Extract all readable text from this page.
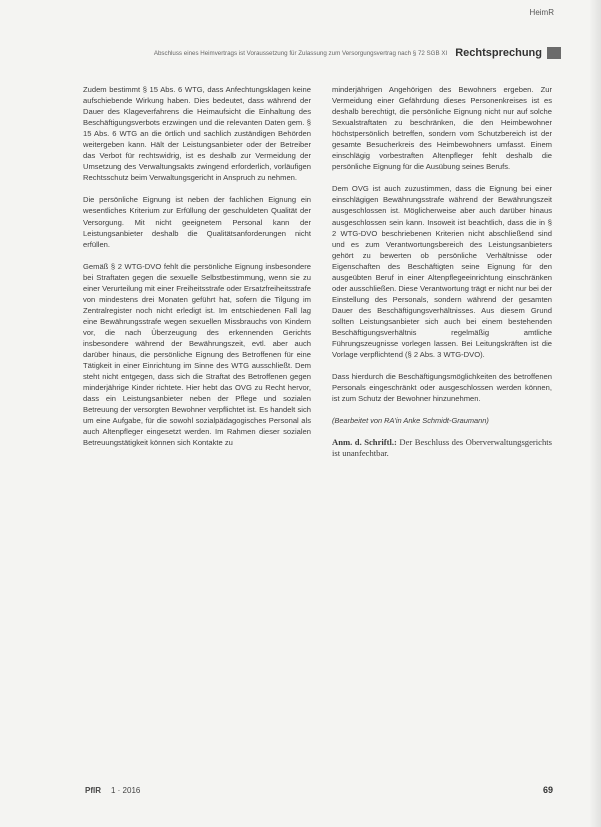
HeimR
Abschluss eines Heimvertrags ist Voraussetzung für Zulassung zum Versorgungsvertrag nach § 72 SGB XI Rechtsprechung

Zudem bestimmt § 15 Abs. 6 WTG, dass Anfechtungsklagen keine aufschiebende Wirkung haben. Dies bedeutet, dass während der Dauer des Klageverfahrens die Heimaufsicht die Einhaltung des Beschäftigungsverbots erzwingen und die relevanten Daten gem. § 15 Abs. 6 WTG an die örtlich und sachlich zuständigen Behörden weitergeben kann. Hält der Leistungsanbieter oder der Betreiber das Verbot für rechtswidrig, ist es deshalb zur Vermeidung der Umsetzung des Verwaltungsakts zwingend erforderlich, vorläufigen Rechtsschutz beim Verwaltungsgericht in Anspruch zu nehmen.

Die persönliche Eignung ist neben der fachlichen Eignung ein wesentliches Kriterium zur Erfüllung der geschuldeten Qualität der Versorgung. Mit nicht geeignetem Personal kann der Leistungsanbieter deshalb die Qualitätsanforderungen nicht erfüllen.

Gemäß § 2 WTG-DVO fehlt die persönliche Eignung insbesondere bei Straftaten gegen die sexuelle Selbstbestimmung, wenn sie zu einer Verurteilung mit einer Freiheitsstrafe oder Ersatzfreiheitsstrafe von mindestens drei Monaten geführt hat, sofern die Tilgung im Zentralregister noch nicht erledigt ist. Im entschiedenen Fall lag eine Bewährungsstrafe wegen sexuellen Missbrauchs von Kindern vor, die nach Überzeugung des erkennenden Gerichts insbesondere während der Bewährungszeit, evtl. aber auch darüber hinaus, die persönliche Eignung des Betroffenen für eine Tätigkeit in einer Einrichtung im Sinne des WTG ausschließt. Dem steht nicht entgegen, dass sich die Straftat des Betroffenen gegen minderjährige Kinder richtete. Hier hebt das OVG zu Recht hervor, dass ein Leistungsanbieter neben der Pflege und sozialen Betreuung der versorgten Bewohner verpflichtet ist. Es handelt sich um eine Aufgabe, für die sowohl sozialpädagogisches Personal als auch Altenpfleger eingesetzt werden. Im Rahmen dieser sozialen Betreuungstätigkeit können sich Kontakte zu

minderjährigen Angehörigen des Bewohners ergeben. Zur Vermeidung einer Gefährdung dieses Personenkreises ist es deshalb berechtigt, die persönliche Eignung nicht nur auf solche Sexualstraftaten zu beschränken, die den Heimbewohner höchstpersönlich betreffen, sondern vom Schutzbereich ist der gesamte Besucherkreis des Heimbewohners umfasst. Einem einschlägig vorbestraften Altenpfleger fehlt deshalb die persönliche Eignung für die Ausübung seines Berufs.

Dem OVG ist auch zuzustimmen, dass die Eignung bei einer einschlägigen Bewährungsstrafe während der Bewährungszeit ausgeschlossen ist. Möglicherweise aber auch darüber hinaus ausgeschlossen sein kann. Insoweit ist beachtlich, dass die in § 2 WTG-DVO beschriebenen Kriterien nicht abschließend sind und es zum Verantwortungsbereich des Leistungsanbieters gehört zu bewerten ob persönliche Verhältnisse oder Eigenschaften des Beschäftigten seine Eignung für den ausgeübten Beruf in einer Altenpflegeeinrichtung einschränken oder ausschließen. Diese Verantwortung trägt er nicht nur bei der Einstellung des Personals, sondern während der gesamten Dauer des Beschäftigungsverhältnisses. Aus diesem Grund sollten Leistungsanbieter sich auch bei einem bestehenden Beschäftigungsverhältnis regelmäßig amtliche Führungszeugnisse vorlegen lassen. Bei Leitungskräften ist die Vorlage verpflichtend (§ 2 Abs. 3 WTG-DVO).

Dass hierdurch die Beschäftigungsmöglichkeiten des betroffenen Personals eingeschränkt oder ausgeschlossen werden können, ist zum Schutz der Bewohner hinzunehmen.

(Bearbeitet von RA'in Anke Schmidt-Graumann)

Anm. d. Schriftl.: Der Beschluss des Oberverwaltungsgerichts ist unanfechtbar.

PflR 1 · 2016	69
